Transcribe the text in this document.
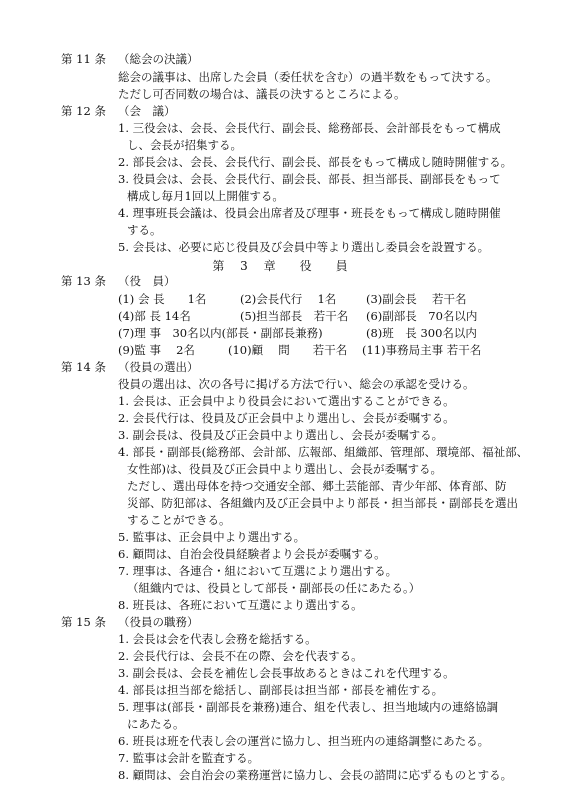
第 11 条 （総会の決議）
総会の議事は、出席した会員（委任状を含む）の過半数をもって決する。
ただし可否同数の場合は、議長の決するところによる。
第 12 条 （会　議）
1. 三役会は、会長、会長代行、副会長、総務部長、会計部長をもって構成
し、会長が招集する。
2. 部長会は、会長、会長代行、副会長、部長をもって構成し随時開催する。
3. 役員会は、会長、会長代行、副会長、部長、担当部長、副部長をもって
構成し毎月1回以上開催する。
4. 理事班長会議は、役員会出席者及び理事・班長をもって構成し随時開催
する。
5. 会長は、必要に応じ役員及び会員中等より選出し委員会を設置する。
第 3 章　役　員
第 13 条 （役　員）
(1) 会 長　　1名	(2)会長代行　 1名	(3)副会長　 若干名
(4)部 長 14名	(5)担当部長　若干名 (6)副部長　70名以内
(7)理 事　30名以内(部長・副部長兼務)	(8)班　長 300名以内
(9)監 事　 2名	(10)顧　 問　　若干名 (11)事務局主事 若干名
第 14 条 （役員の選出）
役員の選出は、次の各号に掲げる方法で行い、総会の承認を受ける。
1. 会長は、正会員中より役員会において選出することができる。
2. 会長代行は、役員及び正会員中より選出し、会長が委嘱する。
3. 副会長は、役員及び正会員中より選出し、会長が委嘱する。
4. 部長・副部長(総務部、会計部、広報部、組織部、管理部、環境部、福祉部、
女性部)は、役員及び正会員中より選出し、会長が委嘱する。
ただし、選出母体を持つ交通安全部、郷土芸能部、青少年部、体育部、防
災部、防犯部は、各組織内及び正会員中より部長・担当部長・副部長を選出
することができる。
5. 監事は、正会員中より選出する。
6. 顧問は、自治会役員経験者より会長が委嘱する。
7. 理事は、各連合・組において互選により選出する。
（組織内では、役員として部長・副部長の任にあたる。）
8. 班長は、各班において互選により選出する。
第 15 条 （役員の職務）
1. 会長は会を代表し会務を総括する。
2. 会長代行は、会長不在の際、会を代表する。
3. 副会長は、会長を補佐し会長事故あるときはこれを代理する。
4. 部長は担当部を総括し、副部長は担当部・部長を補佐する。
5. 理事は(部長・副部長を兼務)連合、組を代表し、担当地域内の連絡協調
にあたる。
6. 班長は班を代表し会の運営に協力し、担当班内の連絡調整にあたる。
7. 監事は会計を監査する。
8. 顧問は、会自治会の業務運営に協力し、会長の諮問に応ずるものとする。
